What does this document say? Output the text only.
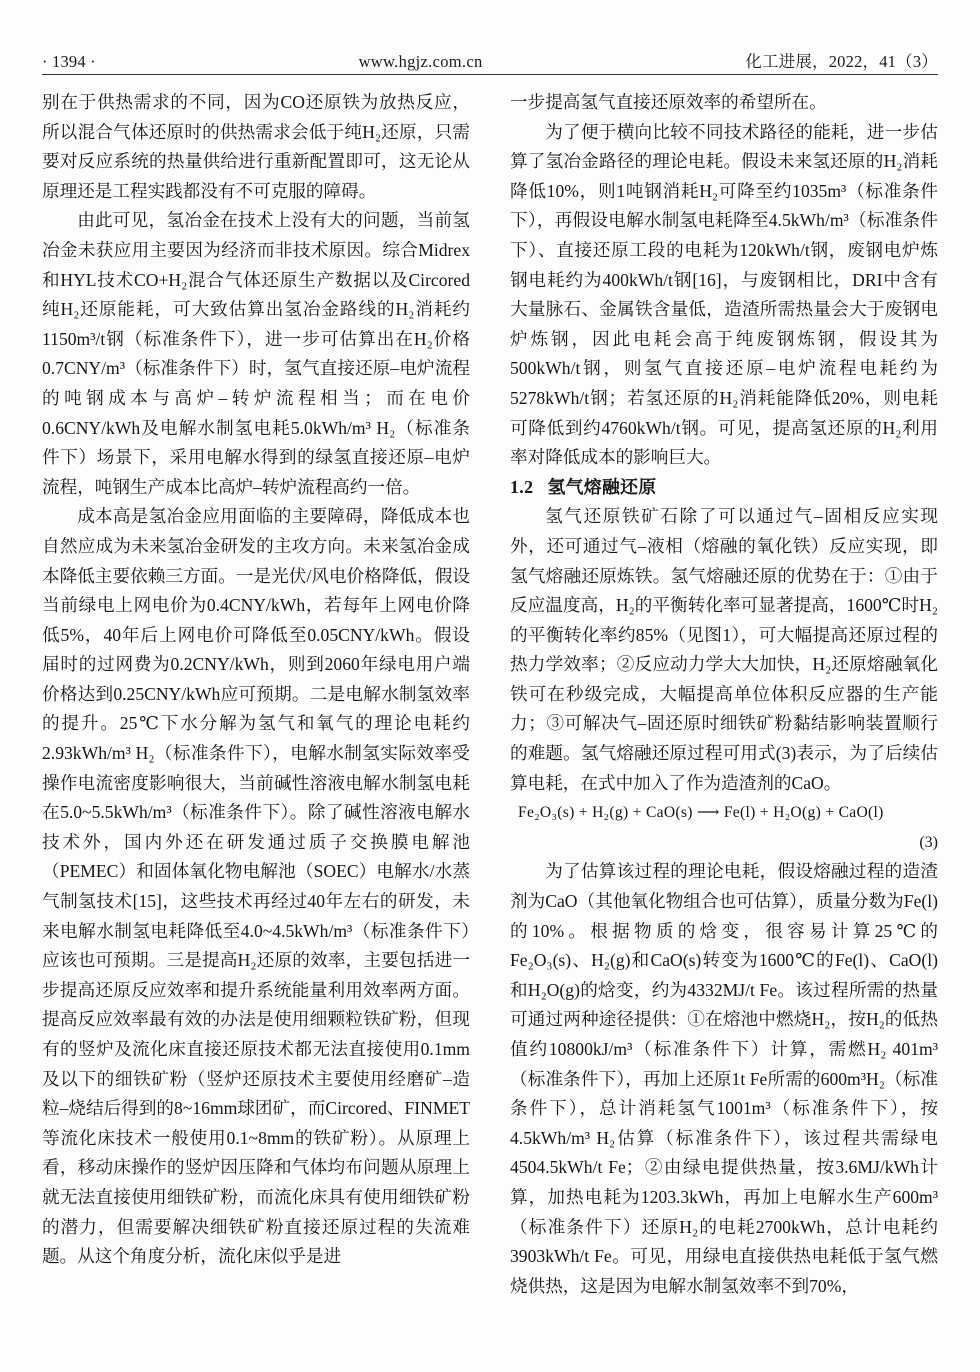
· 1394 ·	www.hgjz.com.cn	化工进展，2022，41（3）

别在于供热需求的不同，因为CO还原铁为放热反应，所以混合气体还原时的供热需求会低于纯H₂还原，只需要对反应系统的热量供给进行重新配置即可，这无论从原理还是工程实践都没有不可克服的障碍。

由此可见，氢冶金在技术上没有大的问题，当前氢冶金未获应用主要因为经济而非技术原因。综合Midrex和HYL技术CO+H₂混合气体还原生产数据以及Circored纯H₂还原能耗，可大致估算出氢冶金路线的H₂消耗约1150m³/t钢（标准条件下），进一步可估算出在H₂价格0.7CNY/m³（标准条件下）时，氢气直接还原–电炉流程的吨钢成本与高炉–转炉流程相当；而在电价0.6CNY/kWh及电解水制氢电耗5.0kWh/m³ H₂（标准条件下）场景下，采用电解水得到的绿氢直接还原–电炉流程，吨钢生产成本比高炉–转炉流程高约一倍。

成本高是氢冶金应用面临的主要障碍，降低成本也自然应成为未来氢冶金研发的主攻方向。未来氢冶金成本降低主要依赖三方面。一是光伏/风电价格降低，假设当前绿电上网电价为0.4CNY/kWh，若每年上网电价降低5%，40年后上网电价可降低至0.05CNY/kWh。假设届时的过网费为0.2CNY/kWh，则到2060年绿电用户端价格达到0.25CNY/kWh应可预期。二是电解水制氢效率的提升。25℃下水分解为氢气和氧气的理论电耗约2.93kWh/m³ H₂（标准条件下），电解水制氢实际效率受操作电流密度影响很大，当前碱性溶液电解水制氢电耗在5.0~5.5kWh/m³（标准条件下）。除了碱性溶液电解水技术外，国内外还在研发通过质子交换膜电解池（PEMEC）和固体氧化物电解池（SOEC）电解水/水蒸气制氢技术[15]，这些技术再经过40年左右的研发，未来电解水制氢电耗降低至4.0~4.5kWh/m³（标准条件下）应该也可预期。三是提高H₂还原的效率，主要包括进一步提高还原反应效率和提升系统能量利用效率两方面。提高反应效率最有效的办法是使用细颗粒铁矿粉，但现有的竖炉及流化床直接还原技术都无法直接使用0.1mm及以下的细铁矿粉（竖炉还原技术主要使用经磨矿–造粒–烧结后得到的8~16mm球团矿，而Circored、FINMET等流化床技术一般使用0.1~8mm的铁矿粉）。从原理上看，移动床操作的竖炉因压降和气体均布问题从原理上就无法直接使用细铁矿粉，而流化床具有使用细铁矿粉的潜力，但需要解决细铁矿粉直接还原过程的失流难题。从这个角度分析，流化床似乎是进

一步提高氢气直接还原效率的希望所在。

为了便于横向比较不同技术路径的能耗，进一步估算了氢冶金路径的理论电耗。假设未来氢还原的H₂消耗降低10%，则1吨钢消耗H₂可降至约1035m³（标准条件下），再假设电解水制氢电耗降至4.5kWh/m³（标准条件下）、直接还原工段的电耗为120kWh/t钢，废钢电炉炼钢电耗约为400kWh/t钢[16]，与废钢相比，DRI中含有大量脉石、金属铁含量低，造渣所需热量会大于废钢电炉炼钢，因此电耗会高于纯废钢炼钢，假设其为500kWh/t钢，则氢气直接还原–电炉流程电耗约为5278kWh/t钢；若氢还原的H₂消耗能降低20%，则电耗可降低到约4760kWh/t钢。可见，提高氢还原的H₂利用率对降低成本的影响巨大。

1.2 氢气熔融还原

氢气还原铁矿石除了可以通过气–固相反应实现外，还可通过气–液相（熔融的氧化铁）反应实现，即氢气熔融还原炼铁。氢气熔融还原的优势在于：①由于反应温度高，H₂的平衡转化率可显著提高，1600℃时H₂的平衡转化率约85%（见图1），可大幅提高还原过程的热力学效率；②反应动力学大大加快，H₂还原熔融氧化铁可在秒级完成，大幅提高单位体积反应器的生产能力；③可解决气–固还原时细铁矿粉黏结影响装置顺行的难题。氢气熔融还原过程可用式(3)表示，为了后续估算电耗，在式中加入了作为造渣剂的CaO。

Fe₂O₃(s) + H₂(g) + CaO(s) ⟶ Fe(l) + H₂O(g) + CaO(l)
(3)

为了估算该过程的理论电耗，假设熔融过程的造渣剂为CaO（其他氧化物组合也可估算），质量分数为Fe(l)的10%。根据物质的焓变，很容易计算25℃的Fe₂O₃(s)、H₂(g)和CaO(s)转变为1600℃的Fe(l)、CaO(l)和H₂O(g)的焓变，约为4332MJ/t Fe。该过程所需的热量可通过两种途径提供：①在熔池中燃烧H₂，按H₂的低热值约10800kJ/m³（标准条件下）计算，需燃H₂ 401m³（标准条件下），再加上还原1t Fe所需的600m³H₂（标准条件下），总计消耗氢气1001m³（标准条件下），按4.5kWh/m³ H₂估算（标准条件下），该过程共需绿电4504.5kWh/t Fe；②由绿电提供热量，按3.6MJ/kWh计算，加热电耗为1203.3kWh，再加上电解水生产600m³（标准条件下）还原H₂的电耗2700kWh，总计电耗约3903kWh/t Fe。可见，用绿电直接供热电耗低于氢气燃烧供热，这是因为电解水制氢效率不到70%，
